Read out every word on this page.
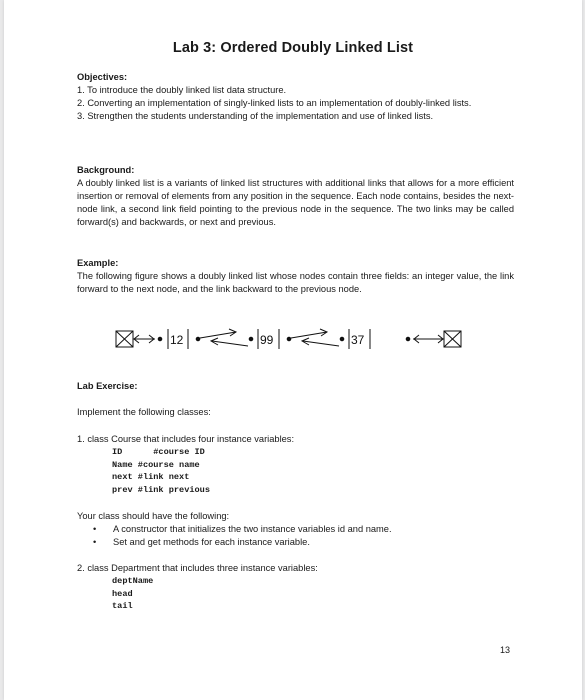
Lab 3: Ordered Doubly Linked List
Objectives:
1. To introduce the doubly linked list data structure.
2. Converting an implementation of singly-linked lists to an implementation of doubly-linked lists.
3. Strengthen the students understanding of the implementation and use of linked lists.
Background:
A doubly linked list is a variants of linked list structures with additional links that allows for a more efficient insertion or removal of elements from any position in the sequence. Each node contains, besides the next-node link, a second link field pointing to the previous node in the sequence. The two links may be called forward(s) and backwards, or next and previous.
Example:
The following figure shows a doubly linked list whose nodes contain three fields: an integer value, the link forward to the next node, and the link backward to the previous node.
12	99	37
Lab Exercise:
Implement the following classes:
1. class Course that includes four instance variables:
ID      #course ID
Name #course name
next #link next
prev #link previous
Your class should have the following:
• A constructor that initializes the two instance variables id and name.
• Set and get methods for each instance variable.
2. class Department that includes three instance variables:
deptName
head
tail
13
